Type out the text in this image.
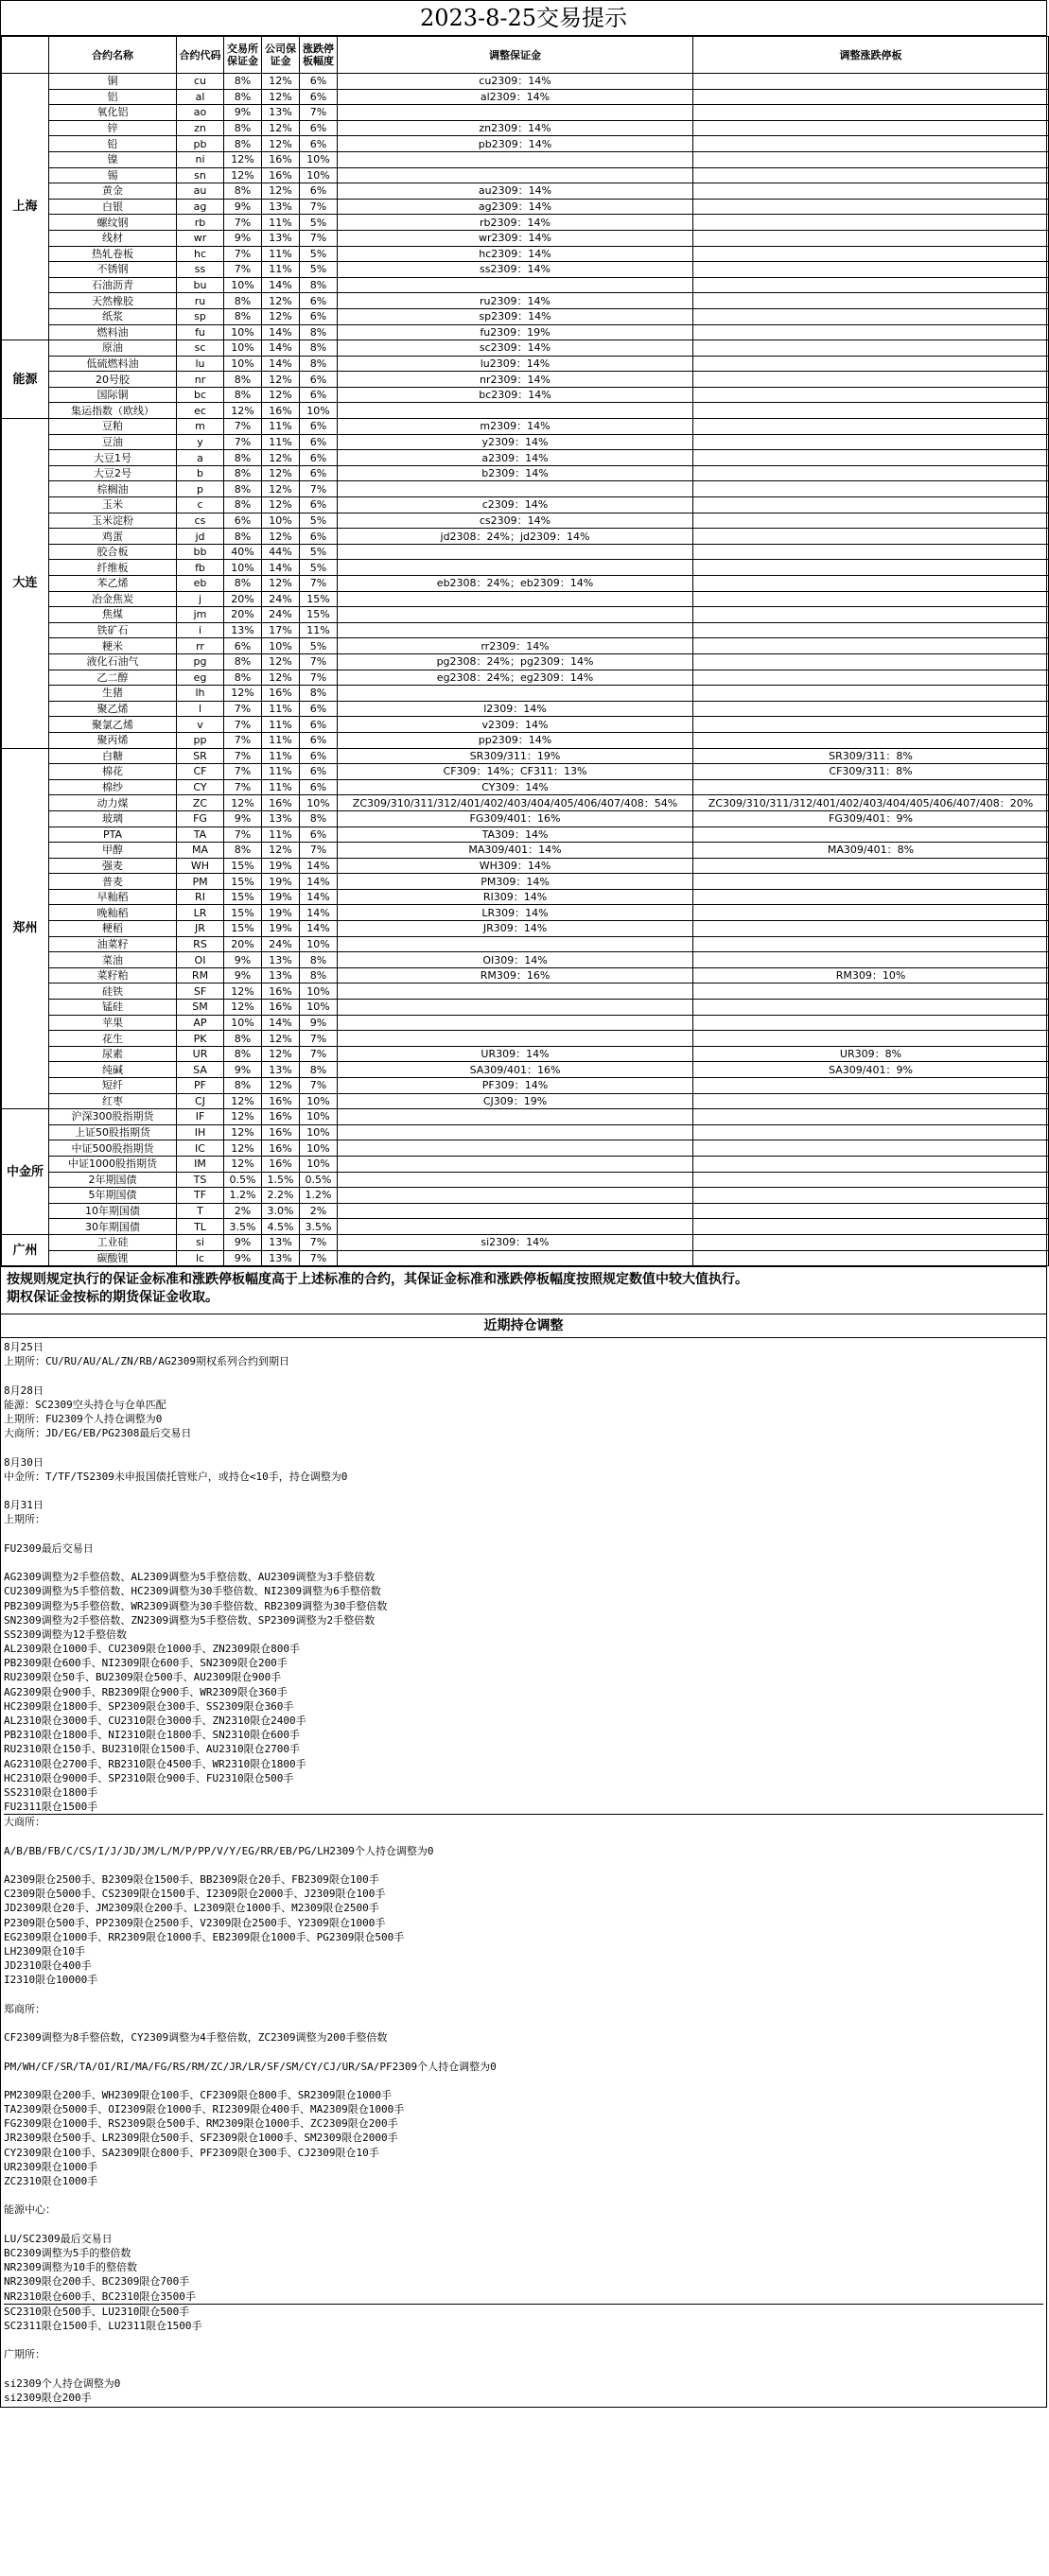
2023-8-25交易提示
	合约名称	合约代码	交易所保证金	公司保证金	涨跌停板幅度	调整保证金	调整涨跌停板
上海	铜	cu	8%	12%	6%	cu2309：14%	
	铝	al	8%	12%	6%	al2309：14%	
	氧化铝	ao	9%	13%	7%		
	锌	zn	8%	12%	6%	zn2309：14%	
	铅	pb	8%	12%	6%	pb2309：14%	
	镍	ni	12%	16%	10%		
	锡	sn	12%	16%	10%		
	黄金	au	8%	12%	6%	au2309：14%	
	白银	ag	9%	13%	7%	ag2309：14%	
	螺纹钢	rb	7%	11%	5%	rb2309：14%	
	线材	wr	9%	13%	7%	wr2309：14%	
	热轧卷板	hc	7%	11%	5%	hc2309：14%	
	不锈钢	ss	7%	11%	5%	ss2309：14%	
	石油沥青	bu	10%	14%	8%		
	天然橡胶	ru	8%	12%	6%	ru2309：14%	
	纸浆	sp	8%	12%	6%	sp2309：14%	
	燃料油	fu	10%	14%	8%	fu2309：19%	
能源	原油	sc	10%	14%	8%	sc2309：14%	
	低硫燃料油	lu	10%	14%	8%	lu2309：14%	
	20号胶	nr	8%	12%	6%	nr2309：14%	
	国际铜	bc	8%	12%	6%	bc2309：14%	
	集运指数（欧线）	ec	12%	16%	10%		
大连	豆粕	m	7%	11%	6%	m2309：14%	
	豆油	y	7%	11%	6%	y2309：14%	
	大豆1号	a	8%	12%	6%	a2309：14%	
	大豆2号	b	8%	12%	6%	b2309：14%	
	棕榈油	p	8%	12%	7%		
	玉米	c	8%	12%	6%	c2309：14%	
	玉米淀粉	cs	6%	10%	5%	cs2309：14%	
	鸡蛋	jd	8%	12%	6%	jd2308：24%；jd2309：14%	
	胶合板	bb	40%	44%	5%		
	纤维板	fb	10%	14%	5%		
	苯乙烯	eb	8%	12%	7%	eb2308：24%；eb2309：14%	
	冶金焦炭	j	20%	24%	15%		
	焦煤	jm	20%	24%	15%		
	铁矿石	i	13%	17%	11%		
	粳米	rr	6%	10%	5%	rr2309：14%	
	液化石油气	pg	8%	12%	7%	pg2308：24%；pg2309：14%	
	乙二醇	eg	8%	12%	7%	eg2308：24%；eg2309：14%	
	生猪	lh	12%	16%	8%		
	聚乙烯	l	7%	11%	6%	l2309：14%	
	聚氯乙烯	v	7%	11%	6%	v2309：14%	
	聚丙烯	pp	7%	11%	6%	pp2309：14%	
郑州	白糖	SR	7%	11%	6%	SR309/311：19%	SR309/311：8%
	棉花	CF	7%	11%	6%	CF309：14%；CF311：13%	CF309/311：8%
	棉纱	CY	7%	11%	6%	CY309：14%	
	动力煤	ZC	12%	16%	10%	ZC309/310/311/312/401/402/403/404/405/406/407/408：54%	ZC309/310/311/312/401/402/403/404/405/406/407/408：20%
	玻璃	FG	9%	13%	8%	FG309/401：16%	FG309/401：9%
	PTA	TA	7%	11%	6%	TA309：14%	
	甲醇	MA	8%	12%	7%	MA309/401：14%	MA309/401：8%
	强麦	WH	15%	19%	14%	WH309：14%	
	普麦	PM	15%	19%	14%	PM309：14%	
	早籼稻	RI	15%	19%	14%	RI309：14%	
	晚籼稻	LR	15%	19%	14%	LR309：14%	
	粳稻	JR	15%	19%	14%	JR309：14%	
	油菜籽	RS	20%	24%	10%		
	菜油	OI	9%	13%	8%	OI309：14%	
	菜籽粕	RM	9%	13%	8%	RM309：16%	RM309：10%
	硅铁	SF	12%	16%	10%		
	锰硅	SM	12%	16%	10%		
	苹果	AP	10%	14%	9%		
	花生	PK	8%	12%	7%		
	尿素	UR	8%	12%	7%	UR309：14%	UR309：8%
	纯碱	SA	9%	13%	8%	SA309/401：16%	SA309/401：9%
	短纤	PF	8%	12%	7%	PF309：14%	
	红枣	CJ	12%	16%	10%	CJ309：19%	
中金所	沪深300股指期货	IF	12%	16%	10%		
	上证50股指期货	IH	12%	16%	10%		
	中证500股指期货	IC	12%	16%	10%		
	中证1000股指期货	IM	12%	16%	10%		
	2年期国债	TS	0.5%	1.5%	0.5%		
	5年期国债	TF	1.2%	2.2%	1.2%		
	10年期国债	T	2%	3.0%	2%		
	30年期国债	TL	3.5%	4.5%	3.5%		
广州	工业硅	si	9%	13%	7%	si2309：14%	
	碳酸锂	lc	9%	13%	7%		
按规则规定执行的保证金标准和涨跌停板幅度高于上述标准的合约，其保证金标准和涨跌停板幅度按照规定数值中较大值执行。
期权保证金按标的期货保证金收取。
近期持仓调整
8月25日
上期所：CU/RU/AU/AL/ZN/RB/AG2309期权系列合约到期日
8月28日
能源：SC2309空头持仓与仓单匹配
上期所：FU2309个人持仓调整为0
大商所：JD/EG/EB/PG2308最后交易日
8月30日
中金所：T/TF/TS2309未申报国债托管账户，或持仓<10手，持仓调整为0
8月31日
上期所：
FU2309最后交易日
AG2309调整为2手整倍数、AL2309调整为5手整倍数、AU2309调整为3手整倍数
CU2309调整为5手整倍数、HC2309调整为30手整倍数、NI2309调整为6手整倍数
PB2309调整为5手整倍数、WR2309调整为30手整倍数、RB2309调整为30手整倍数
SN2309调整为2手整倍数、ZN2309调整为5手整倍数、SP2309调整为2手整倍数
SS2309调整为12手整倍数
AL2309限仓1000手、CU2309限仓1000手、ZN2309限仓800手
PB2309限仓600手、NI2309限仓600手、SN2309限仓200手
RU2309限仓50手、BU2309限仓500手、AU2309限仓900手
AG2309限仓900手、RB2309限仓900手、WR2309限仓360手
HC2309限仓1800手、SP2309限仓300手、SS2309限仓360手
AL2310限仓3000手、CU2310限仓3000手、ZN2310限仓2400手
PB2310限仓1800手、NI2310限仓1800手、SN2310限仓600手
RU2310限仓150手、BU2310限仓1500手、AU2310限仓2700手
AG2310限仓2700手、RB2310限仓4500手、WR2310限仓1800手
HC2310限仓9000手、SP2310限仓900手、FU2310限仓500手
SS2310限仓1800手
FU2311限仓1500手
大商所：
A/B/BB/FB/C/CS/I/J/JD/JM/L/M/P/PP/V/Y/EG/RR/EB/PG/LH2309个人持仓调整为0
A2309限仓2500手、B2309限仓1500手、BB2309限仓20手、FB2309限仓100手
C2309限仓5000手、CS2309限仓1500手、I2309限仓2000手、J2309限仓100手
JD2309限仓20手、JM2309限仓200手、L2309限仓1000手、M2309限仓2500手
P2309限仓500手、PP2309限仓2500手、V2309限仓2500手、Y2309限仓1000手
EG2309限仓1000手、RR2309限仓1000手、EB2309限仓1000手、PG2309限仓500手
LH2309限仓10手
JD2310限仓400手
I2310限仓10000手
郑商所：
CF2309调整为8手整倍数，CY2309调整为4手整倍数，ZC2309调整为200手整倍数
PM/WH/CF/SR/TA/OI/RI/MA/FG/RS/RM/ZC/JR/LR/SF/SM/CY/CJ/UR/SA/PF2309个人持仓调整为0
PM2309限仓200手、WH2309限仓100手、CF2309限仓800手、SR2309限仓1000手
TA2309限仓5000手、OI2309限仓1000手、RI2309限仓400手、MA2309限仓1000手
FG2309限仓1000手、RS2309限仓500手、RM2309限仓1000手、ZC2309限仓200手
JR2309限仓500手、LR2309限仓500手、SF2309限仓1000手、SM2309限仓2000手
CY2309限仓100手、SA2309限仓800手、PF2309限仓300手、CJ2309限仓10手
UR2309限仓1000手
ZC2310限仓1000手
能源中心：
LU/SC2309最后交易日
BC2309调整为5手的整倍数
NR2309调整为10手的整倍数
NR2309限仓200手、BC2309限仓700手
NR2310限仓600手、BC2310限仓3500手
SC2310限仓500手、LU2310限仓500手
SC2311限仓1500手、LU2311限仓1500手
广期所：
si2309个人持仓调整为0
si2309限仓200手
